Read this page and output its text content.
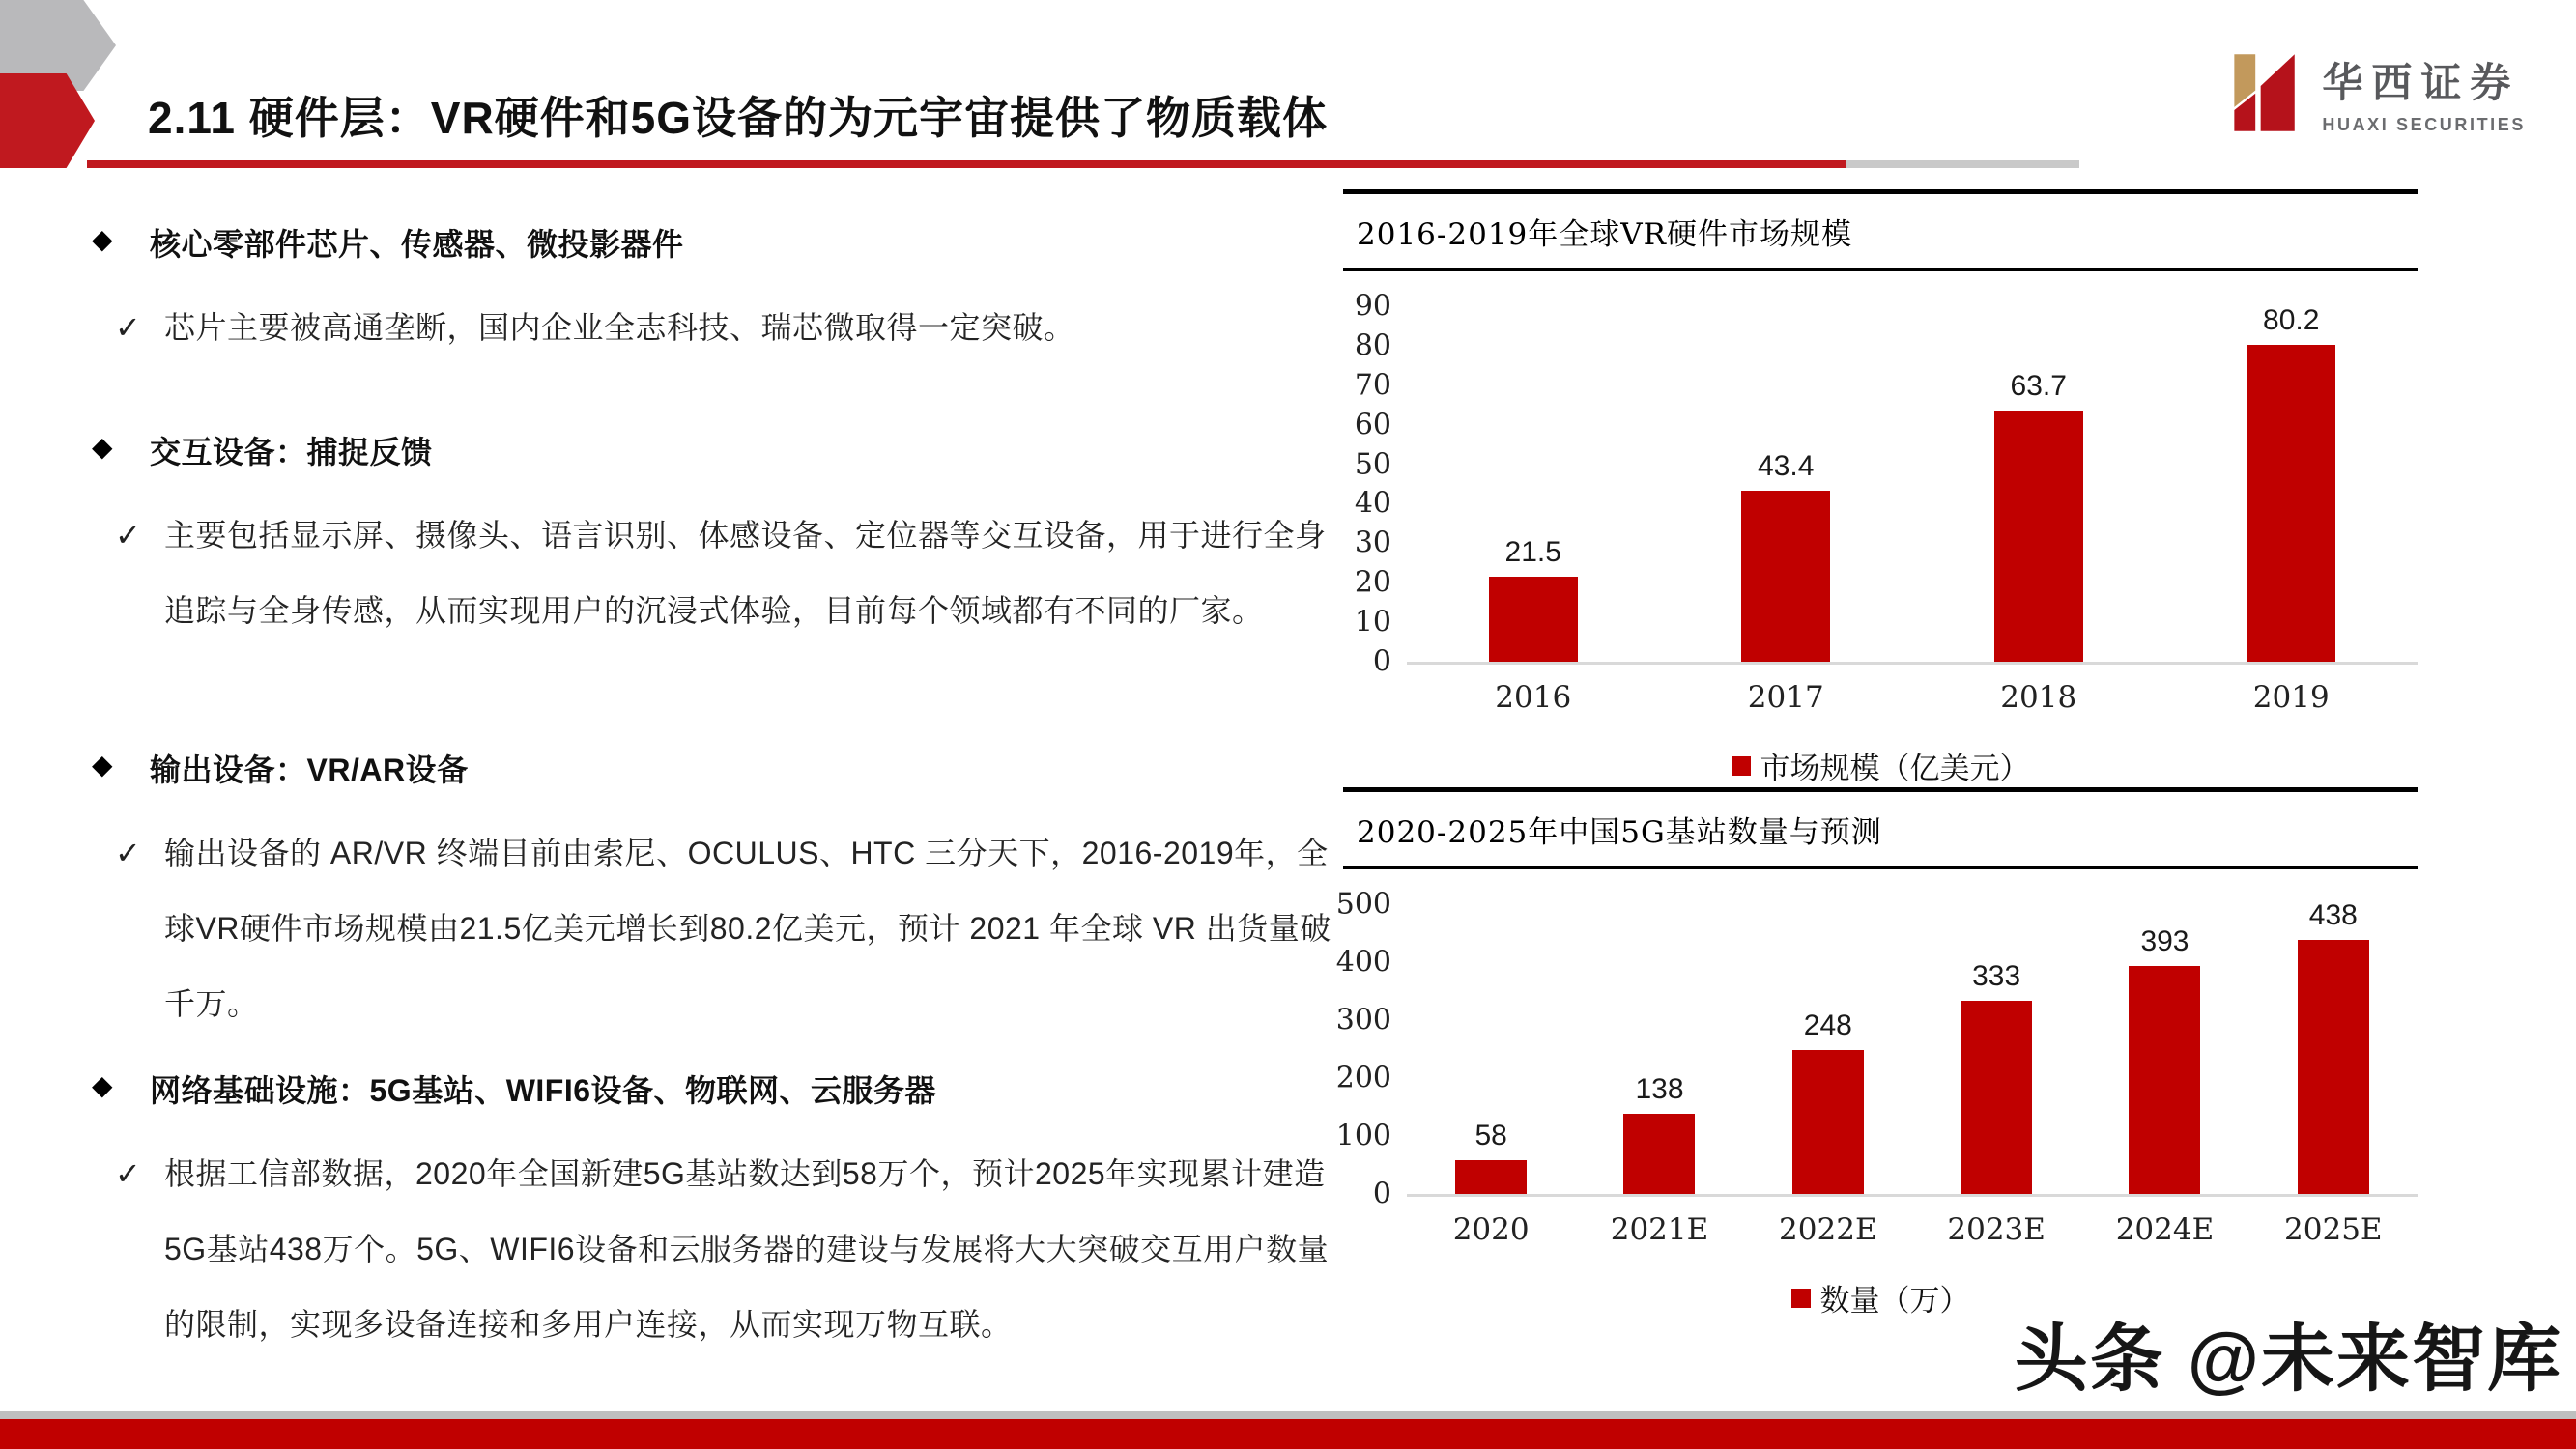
2.11 硬件层：VR硬件和5G设备的为元宇宙提供了物质载体
华西证券
HUAXI SECURITIES
◆	核心零部件芯片、传感器、微投影器件
✓ 芯片主要被高通垄断，国内企业全志科技、瑞芯微取得一定突破。
◆	交互设备：捕捉反馈
✓ 主要包括显示屏、摄像头、语言识别、体感设备、定位器等交互设备，用于进行全身追踪与全身传感，从而实现用户的沉浸式体验，目前每个领域都有不同的厂家。
◆	输出设备：VR/AR设备
✓ 输出设备的 AR/VR 终端目前由索尼、OCULUS、HTC 三分天下，2016-2019年，全球VR硬件市场规模由21.5亿美元增长到80.2亿美元，预计 2021 年全球 VR 出货量破千万。
◆	网络基础设施：5G基站、WIFI6设备、物联网、云服务器
✓ 根据工信部数据，2020年全国新建5G基站数达到58万个，预计2025年实现累计建造5G基站438万个。5G、WIFI6设备和云服务器的建设与发展将大大突破交互用户数量的限制，实现多设备连接和多用户连接，从而实现万物互联。
2016-2019年全球VR硬件市场规模
90
80
70
60
50
40
30
20
10
0
21.5
43.4
63.7
80.2
2016	2017	2018	2019
市场规模（亿美元）
2020-2025年中国5G基站数量与预测
500
400
300
200
100
0
58
138
248
333
393
438
2020	2021E	2022E	2023E	2024E	2025E
数量（万）
头条 @未来智库
